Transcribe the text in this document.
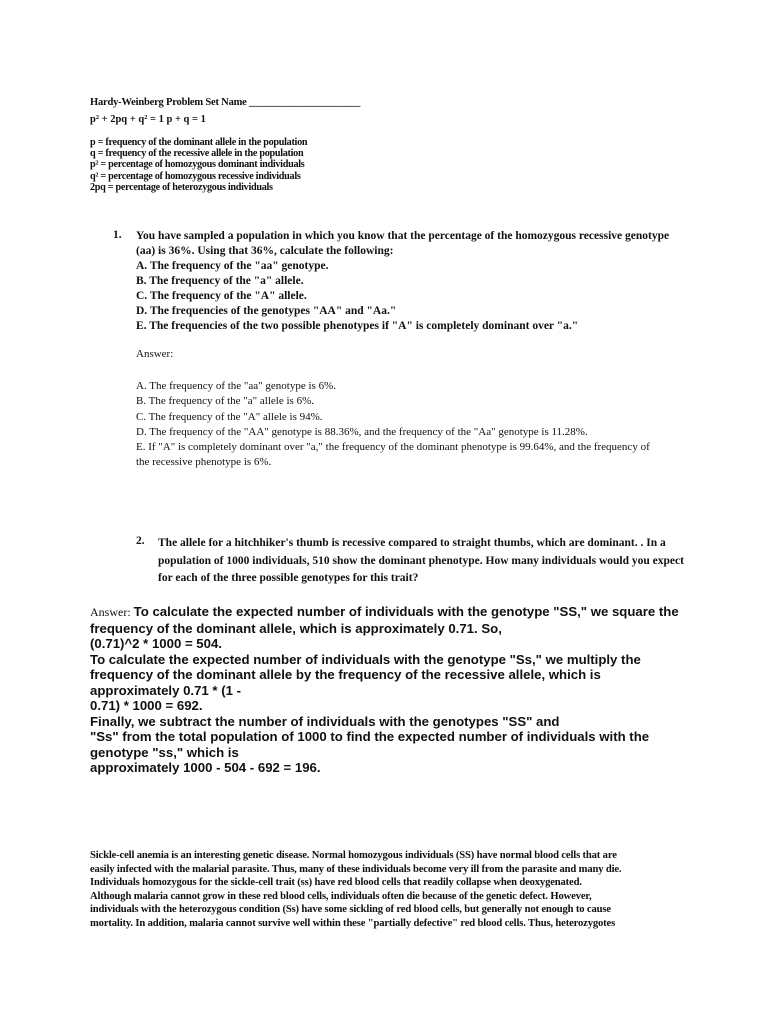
Hardy-Weinberg Problem Set Name ______________________
p² + 2pq + q² = 1 p + q = 1
p = frequency of the dominant allele in the population
q = frequency of the recessive allele in the population
p² = percentage of homozygous dominant individuals
q² = percentage of homozygous recessive individuals
2pq = percentage of heterozygous individuals
1. You have sampled a population in which you know that the percentage of the homozygous recessive genotype
(aa) is 36%. Using that 36%, calculate the following:
A. The frequency of the "aa" genotype.
B. The frequency of the "a" allele.
C. The frequency of the "A" allele.
D. The frequencies of the genotypes "AA" and "Aa."
E. The frequencies of the two possible phenotypes if "A" is completely dominant over "a."
Answer:
A. The frequency of the "aa" genotype is 6%.
B. The frequency of the "a" allele is 6%.
C. The frequency of the "A" allele is 94%.
D. The frequency of the "AA" genotype is 88.36%, and the frequency of the "Aa" genotype is 11.28%.
E. If "A" is completely dominant over "a," the frequency of the dominant phenotype is 99.64%, and the frequency of
the recessive phenotype is 6%.
2. The allele for a hitchhiker's thumb is recessive compared to straight thumbs, which are dominant. . In a
population of 1000 individuals, 510 show the dominant phenotype. How many individuals would you expect
for each of the three possible genotypes for this trait?
Answer: To calculate the expected number of individuals with the genotype "SS," we square the
frequency of the dominant allele, which is approximately 0.71. So,
(0.71)^2 * 1000 = 504.
To calculate the expected number of individuals with the genotype "Ss," we multiply the
frequency of the dominant allele by the frequency of the recessive allele, which is
approximately 0.71 * (1 -
0.71) * 1000 = 692.
Finally, we subtract the number of individuals with the genotypes "SS" and
"Ss" from the total population of 1000 to find the expected number of individuals with the
genotype "ss," which is
approximately 1000 - 504 - 692 = 196.
Sickle-cell anemia is an interesting genetic disease. Normal homozygous individuals (SS) have normal blood cells that are
easily infected with the malarial parasite. Thus, many of these individuals become very ill from the parasite and many die.
Individuals homozygous for the sickle-cell trait (ss) have red blood cells that readily collapse when deoxygenated.
Although malaria cannot grow in these red blood cells, individuals often die because of the genetic defect. However,
individuals with the heterozygous condition (Ss) have some sickling of red blood cells, but generally not enough to cause
mortality. In addition, malaria cannot survive well within these "partially defective" red blood cells. Thus, heterozygotes
